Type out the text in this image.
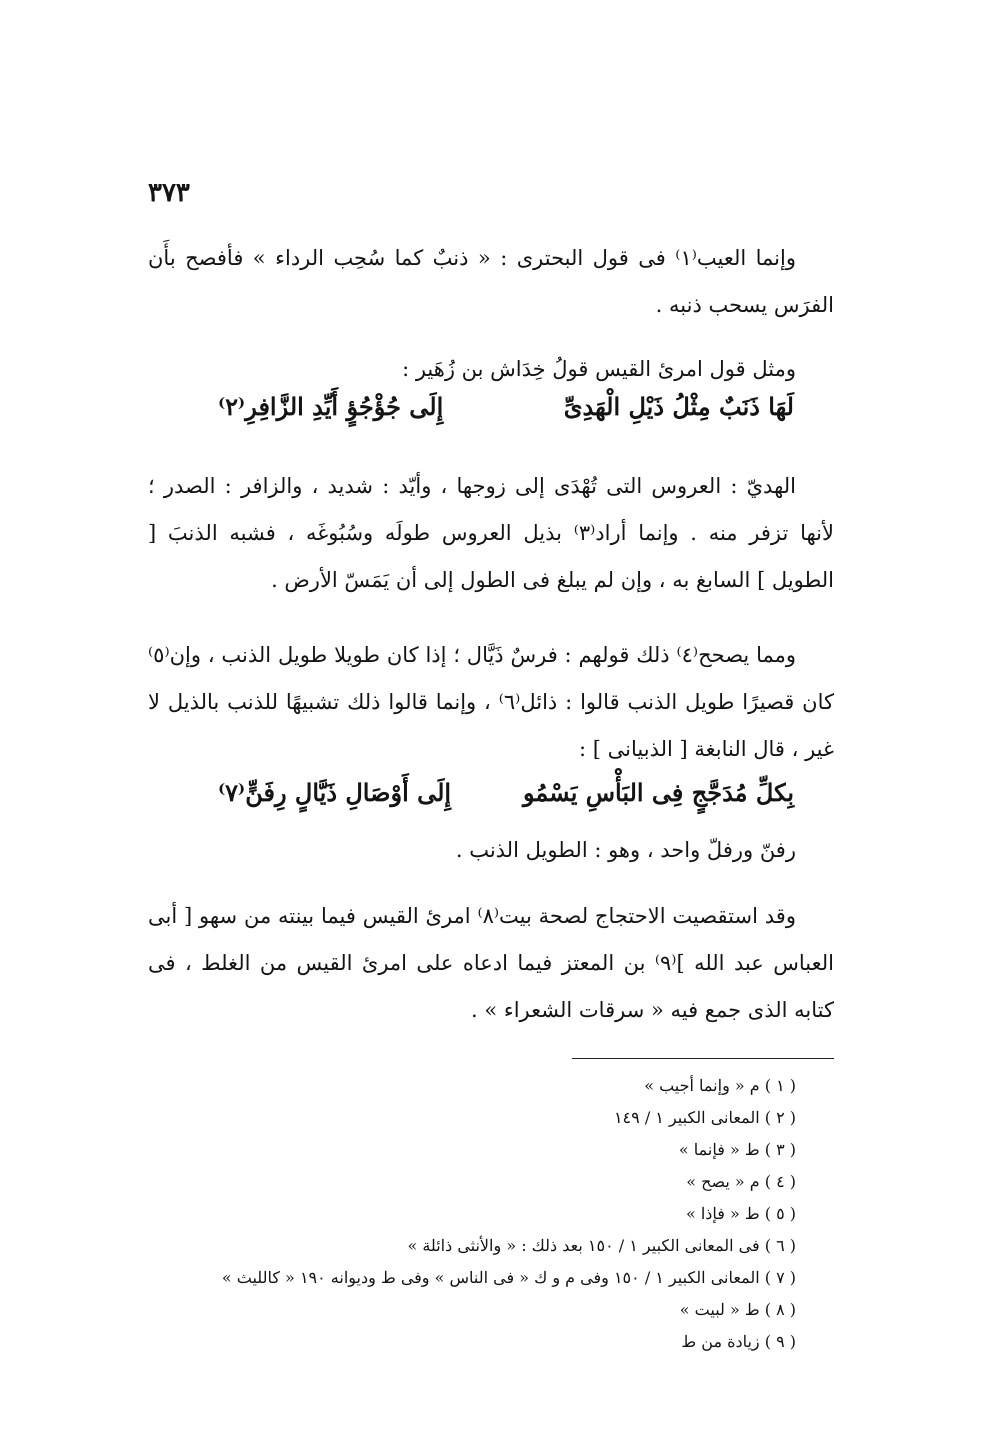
٣٧٣

وإنما العيب⁽١⁾ فى قول البحترى : « ذنبٌ كما سُحِب الرداء » فأفصح بأَن الفرَس يسحب ذنبه .

ومثل قول امرئ القيس قولُ خِدَاش بن زُهَير :

لَهَا ذَنَبٌ مِثْلُ ذَيْلِ الْهَدِىِّ
إِلَى جُؤْجُؤٍ أَيِّدِ الزَّافِرِ⁽٢⁾

الهديّ : العروس التى تُهْدَى إلى زوجها ، وأيّد : شديد ، والزافر : الصدر ؛ لأنها تزفر منه . وإنما أراد⁽٣⁾ بذيل العروس طولَه وسُبُوغَه ، فشبه الذنبَ [ الطويل ] السابغ به ، وإن لم يبلغ فى الطول إلى أن يَمَسّ الأرض .

ومما يصحح⁽٤⁾ ذلك قولهم : فرسٌ ذَيَّال ؛ إذا كان طويلا طويل الذنب ، وإن⁽٥⁾ كان قصيرًا طويل الذنب قالوا : ذائل⁽٦⁾ ، وإنما قالوا ذلك تشبيهًا للذنب بالذيل لا غير ، قال النابغة [ الذبيانى ] :

بِكلِّ مُدَجَّجٍ فِى البَأْسِ يَسْمُو
إِلَى أَوْصَالِ ذَيَّالٍ رِفَنٍّ⁽٧⁾

رفنّ ورفلّ واحد ، وهو : الطويل الذنب .

وقد استقصيت الاحتجاج لصحة بيت⁽٨⁾ امرئ القيس فيما بينته من سهو [ أبى العباس عبد الله ]⁽٩⁾ بن المعتز فيما ادعاه على امرئ القيس من الغلط ، فى كتابه الذى جمع فيه « سرقات الشعراء » .

( ١ ) م « وإنما أجيب »
( ٢ ) المعانى الكبير ١ / ١٤٩
( ٣ ) ط « فإنما »
( ٤ ) م « يصح »
( ٥ ) ط « فإذا »
( ٦ ) فى المعانى الكبير ١ / ١٥٠ بعد ذلك : « والأنثى ذائلة »
( ٧ ) المعانى الكبير ١ / ١٥٠ وفى م و ك « فى الناس » وفى ط وديوانه ١٩٠ « كالليث »
( ٨ ) ط « لبيت »
( ٩ ) زيادة من ط
